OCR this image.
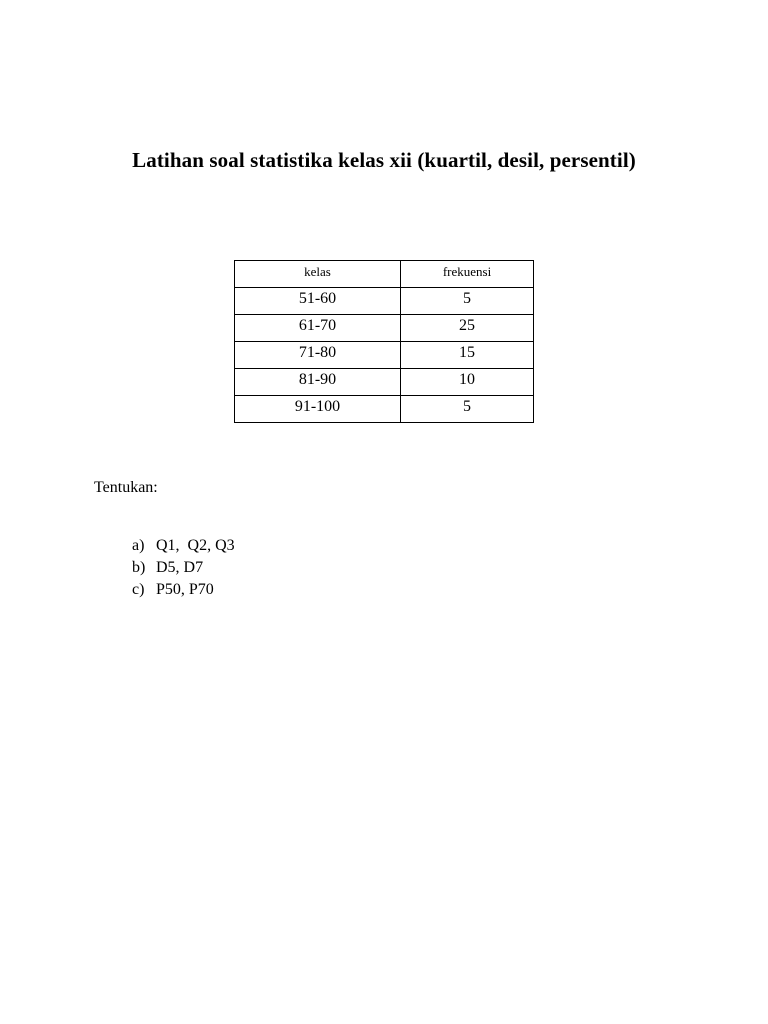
Latihan soal statistika kelas xii (kuartil, desil, persentil)
kelas	frekuensi
51-60	5
61-70	25
71-80	15
81-90	10
91-100	5
Tentukan:

a) Q1,  Q2, Q3

b) D5, D7

c) P50, P70
